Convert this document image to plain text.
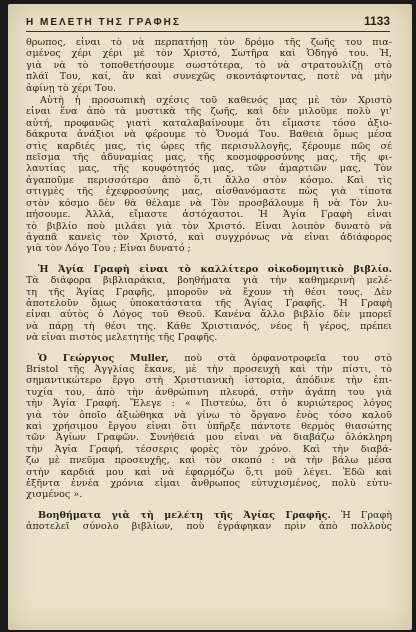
Η ΜΕΛΕΤΗ ΤΗΣ ΓΡΑΦΗΣ	1133
θρωπος, εἶναι τὸ νὰ περπατήσῃ τὸν δρόμο τῆς ζωῆς του πια-
σμένος χέρι χέρι μὲ τὸν Χριστό, Σωτῆρα καὶ Ὁδηγό του. Ἡ,
γιὰ νὰ τὸ τοποθετήσουμε σωστότερα, τὸ νὰ στρατουλίζῃ στὸ
πλάϊ Του, καί, ἂν καὶ συνεχῶς σκοντάφτοντας, ποτὲ νὰ μὴν
ἀφίνῃ τὸ χέρι Του.
Αὐτὴ ἡ προσωπικὴ σχέσις τοῦ καθενός μας μὲ τὸν Χριστὸ
εἶναι ἕνα ἀπὸ τὰ μυστικὰ τῆς ζωῆς, καὶ δὲν μιλοῦμε πολὺ γι'
αὐτή, προφανῶς γιατὶ καταλαβαίνουμε ὅτι εἴμαστε τόσο ἀξιο-
δάκρυτα ἀνάξιοι νὰ φέρουμε τὸ Ὄνομά Του. Βαθειὰ ὅμως μέσα
στὶς καρδιές μας, τὶς ὧρες τῆς περισυλλογῆς, ξέρουμε πῶς σέ
πεῖσμα τῆς ἀδυναμίας μας, τῆς κοσμοφροσύνης μας, τῆς φι-
λαυτίας μας, τῆς κουφότητός μας, τῶν ἁμαρτιῶν μας, Τὸν
ἀγαποῦμε περισσότερο ἀπὸ ὅ,τι ἄλλο στὸν κόσμο. Καὶ τὶς
στιγμὲς τῆς ἐχεφροσύνης μας, αἰσθανόμαστε πὼς γιὰ τίποτα
στὸν κόσμο δὲν θὰ θέλαμε νὰ Τὸν προσβάλουμε ἢ νὰ Τὸν λυ-
πήσουμε. Ἀλλά, εἴμαστε ἀστόχαστοι. Ἡ Ἁγία Γραφὴ εἶναι
τὸ βιβλίο ποὺ μιλάει γιὰ τὸν Χριστό. Εἶναι λοιπὸν δυνατὸ νὰ
ἀγαπᾶ κανεὶς τὸν Χριστό, καὶ συγχρόνως νὰ εἶναι ἀδιάφορος
γιὰ τὸν Λόγο Του ; Εἶναι δυνατό ;
Ἡ Ἁγία Γραφὴ εἶναι τὸ καλλίτερο οἰκοδομητικὸ βιβλίο.
Τὰ διάφορα βιβλιαράκια, βοηθήματα γιὰ τὴν καθημερινὴ μελέ-
τη τῆς Ἁγίας Γραφῆς, μποροῦν νὰ ἔχουν τὴ θέσι τους. Δὲν
ἀποτελοῦν ὅμως ὑποκατάστατα τῆς Ἁγίας Γραφῆς. Ἡ Γραφὴ
εἶναι αὐτὸς ὁ Λόγος τοῦ Θεοῦ. Κανένα ἄλλο βιβλίο δὲν μπορεῖ
νὰ πάρῃ τὴ θέσι της. Κάθε Χριστιανός, νέος ἢ γέρος, πρέπει
νὰ εἶναι πιστὸς μελετητὴς τῆς Γραφῆς.
Ὁ Γεώργιος Muller, ποὺ στὰ ὀρφανοτροφεῖα του στὸ
Bristol τῆς Ἀγγλίας ἔκανε, μὲ τὴν προσευχὴ καὶ τὴν πίστι, τὸ
σημαντικώτερο ἔργο στὴ Χριστιανικὴ ἱστορία, ἀπόδινε τὴν ἐπι-
τυχία του, ἀπὸ τὴν ἀνθρώπινη πλευρά, στὴν ἀγάπη του γιὰ
τὴν Ἁγία Γραφή. Ἔλεγε : « Πιστεύω, ὅτι ὁ κυριώτερος λόγος
γιὰ τὸν ὁποῖο ἀξιώθηκα νὰ γίνω τὸ ὄργανο ἑνὸς τόσο καλοῦ
καὶ χρήσιμου ἔργου εἶναι ὅτι ὑπῆρξε πάντοτε θερμὸς θιασώτης
τῶν Ἁγίων Γραφῶν. Συνήθειά μου εἶναι νὰ διαβάζω ὁλόκληρη
τὴν Ἁγία Γραφή, τέσσερις φορὲς τὸν χρόνο. Καὶ τὴν διαβά-
ζω μὲ πνεῦμα προσευχῆς, καὶ τὸν σκοπό : νὰ τὴν βάλω μέσα
στὴν καρδιά μου καὶ νὰ ἐφαρμόζω ὅ,τι μοῦ λέγει. Ἐδῶ καὶ
ἑξῆντα ἐννέα χρόνια εἶμαι ἄνθρωπος εὐτυχισμένος, πολὺ εὐτυ-
χισμένος ».
Βοηθήματα γιὰ τὴ μελέτη τῆς Ἁγίας Γραφῆς. Ἡ Γραφὴ
ἀποτελεῖ σύνολο βιβλίων, ποὺ ἐγράφηκαν πρὶν ἀπὸ πολλοὺς
